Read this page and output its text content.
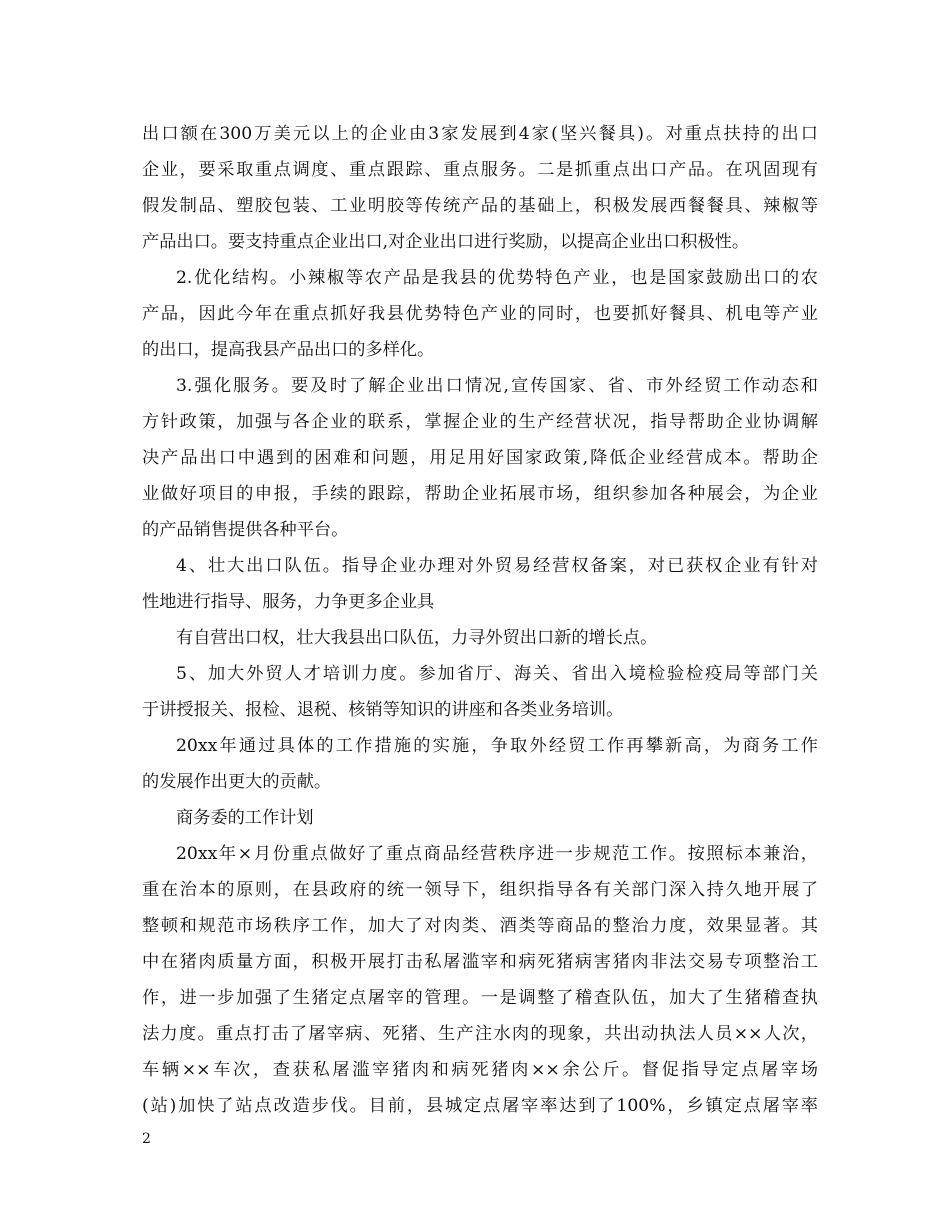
出口额在300万美元以上的企业由3家发展到4家(坚兴餐具)。对重点扶持的出口
企业，要采取重点调度、重点跟踪、重点服务。二是抓重点出口产品。在巩固现有
假发制品、塑胶包装、工业明胶等传统产品的基础上，积极发展西餐餐具、辣椒等
产品出口。要支持重点企业出口,对企业出口进行奖励，以提高企业出口积极性。
2.优化结构。小辣椒等农产品是我县的优势特色产业，也是国家鼓励出口的农
产品，因此今年在重点抓好我县优势特色产业的同时，也要抓好餐具、机电等产业
的出口，提高我县产品出口的多样化。
3.强化服务。要及时了解企业出口情况,宣传国家、省、市外经贸工作动态和
方针政策，加强与各企业的联系，掌握企业的生产经营状况，指导帮助企业协调解
决产品出口中遇到的困难和问题，用足用好国家政策,降低企业经营成本。帮助企
业做好项目的申报，手续的跟踪，帮助企业拓展市场，组织参加各种展会，为企业
的产品销售提供各种平台。
4、壮大出口队伍。指导企业办理对外贸易经营权备案，对已获权企业有针对
性地进行指导、服务，力争更多企业具
有自营出口权，壮大我县出口队伍，力寻外贸出口新的增长点。
5、加大外贸人才培训力度。参加省厅、海关、省出入境检验检疫局等部门关
于讲授报关、报检、退税、核销等知识的讲座和各类业务培训。
20xx年通过具体的工作措施的实施，争取外经贸工作再攀新高，为商务工作
的发展作出更大的贡献。
商务委的工作计划
20xx年×月份重点做好了重点商品经营秩序进一步规范工作。按照标本兼治，
重在治本的原则，在县政府的统一领导下，组织指导各有关部门深入持久地开展了
整顿和规范市场秩序工作，加大了对肉类、酒类等商品的整治力度，效果显著。其
中在猪肉质量方面，积极开展打击私屠滥宰和病死猪病害猪肉非法交易专项整治工
作，进一步加强了生猪定点屠宰的管理。一是调整了稽查队伍，加大了生猪稽查执
法力度。重点打击了屠宰病、死猪、生产注水肉的现象，共出动执法人员××人次，
车辆××车次，查获私屠滥宰猪肉和病死猪肉××余公斤。督促指导定点屠宰场
(站)加快了站点改造步伐。目前，县城定点屠宰率达到了100%，乡镇定点屠宰率
2
